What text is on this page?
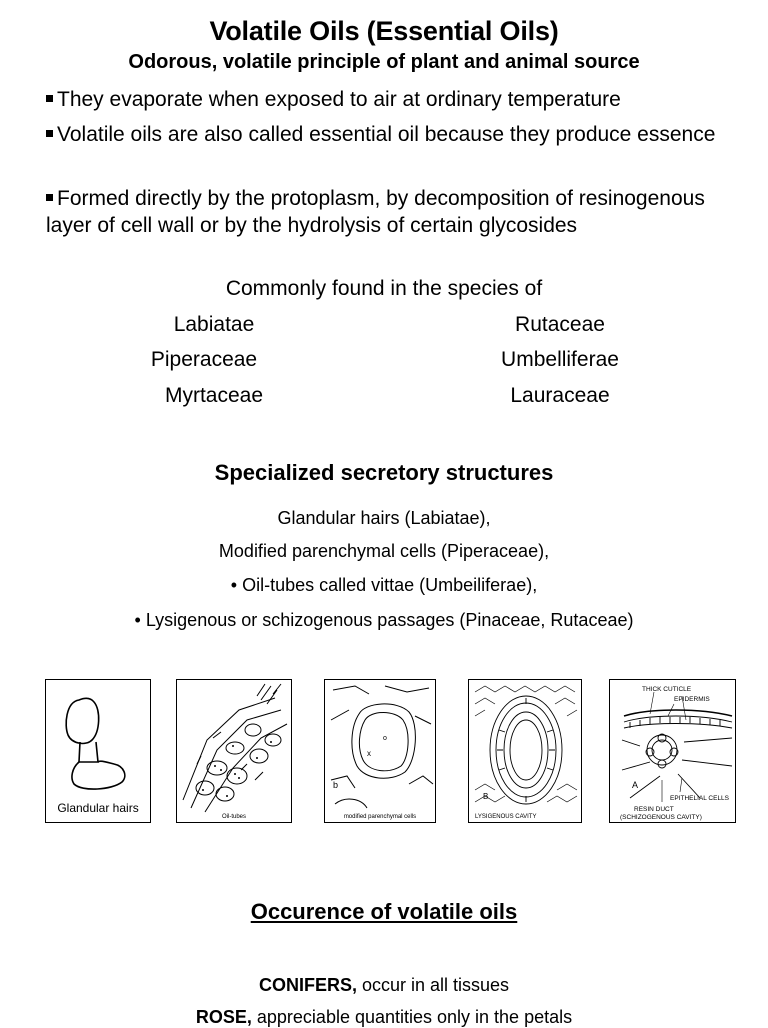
Volatile Oils (Essential Oils)
Odorous, volatile principle of plant and animal source
They evaporate when exposed to air at ordinary temperature
Volatile oils are also called essential oil because they produce essence
Formed directly by the protoplasm, by decomposition of resinogenous layer of cell wall or by the hydrolysis of certain glycosides
Commonly found in the species of
Labiatae
Piperaceae
Myrtaceae
Rutaceae
Umbelliferae
Lauraceae
Specialized secretory structures
Glandular hairs (Labiatae),
Modified parenchymal cells (Piperaceae),
• Oil-tubes called vittae (Umbeiliferae),
• Lysigenous or schizogenous passages (Pinaceae, Rutaceae)
Glandular hairs
Oil-tubes
x
o
b
modified parenchymal cells
B
LYSIGENOUS CAVITY
THICK CUTICLE
EPIDERMIS
EPITHELIAL CELLS
A
RESIN DUCT
(SCHIZOGENOUS CAVITY)
Occurence of volatile oils
CONIFERS, occur in all tissues
ROSE, appreciable quantities only in the petals
